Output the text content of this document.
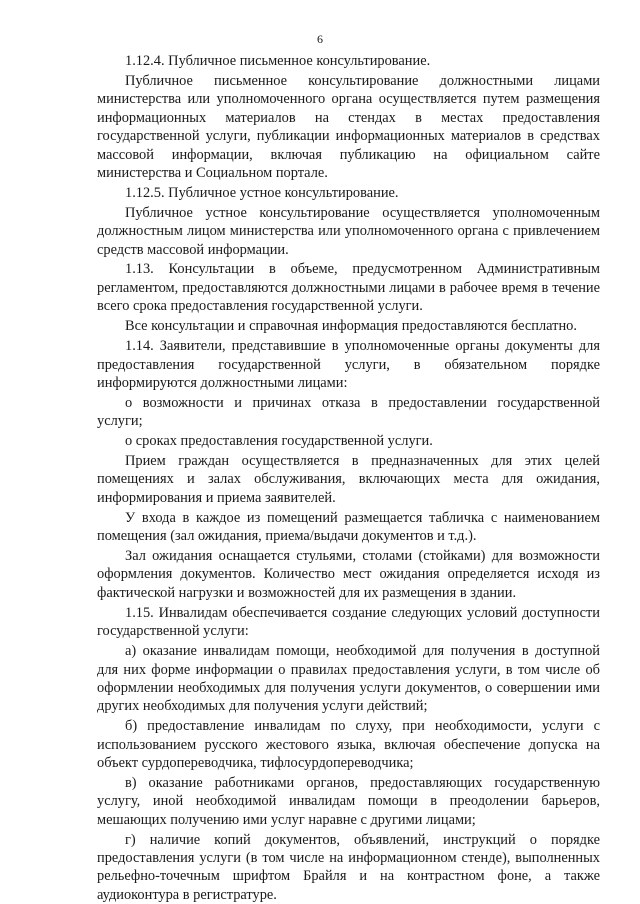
6

1.12.4. Публичное письменное консультирование.

Публичное письменное консультирование должностными лицами министерства или уполномоченного органа осуществляется путем размещения информационных материалов на стендах в местах предоставления государственной услуги, публикации информационных материалов в средствах массовой информации, включая публикацию на официальном сайте министерства и Социальном портале.

1.12.5. Публичное устное консультирование.

Публичное устное консультирование осуществляется уполномоченным должностным лицом министерства или уполномоченного органа с привлечением средств массовой информации.

1.13. Консультации в объеме, предусмотренном Административным регламентом, предоставляются должностными лицами в рабочее время в течение всего срока предоставления государственной услуги.

Все консультации и справочная информация предоставляются бесплатно.

1.14. Заявители, представившие в уполномоченные органы документы для предоставления государственной услуги, в обязательном порядке информируются должностными лицами:

о возможности и причинах отказа в предоставлении государственной услуги;

о сроках предоставления государственной услуги.

Прием граждан осуществляется в предназначенных для этих целей помещениях и залах обслуживания, включающих места для ожидания, информирования и приема заявителей.

У входа в каждое из помещений размещается табличка с наименованием помещения (зал ожидания, приема/выдачи документов и т.д.).

Зал ожидания оснащается стульями, столами (стойками) для возможности оформления документов. Количество мест ожидания определяется исходя из фактической нагрузки и возможностей для их размещения в здании.

1.15. Инвалидам обеспечивается создание следующих условий доступности государственной услуги:

а) оказание инвалидам помощи, необходимой для получения в доступной для них форме информации о правилах предоставления услуги, в том числе об оформлении необходимых для получения услуги документов, о совершении ими других необходимых для получения услуги действий;

б) предоставление инвалидам по слуху, при необходимости, услуги с использованием русского жестового языка, включая обеспечение допуска на объект сурдопереводчика, тифлосурдопереводчика;

в) оказание работниками органов, предоставляющих государственную услугу, иной необходимой инвалидам помощи в преодолении барьеров, мешающих получению ими услуг наравне с другими лицами;

г) наличие копий документов, объявлений, инструкций о порядке предоставления услуги (в том числе на информационном стенде), выполненных рельефно-точечным шрифтом Брайля и на контрастном фоне, а также аудиоконтура в регистратуре.
